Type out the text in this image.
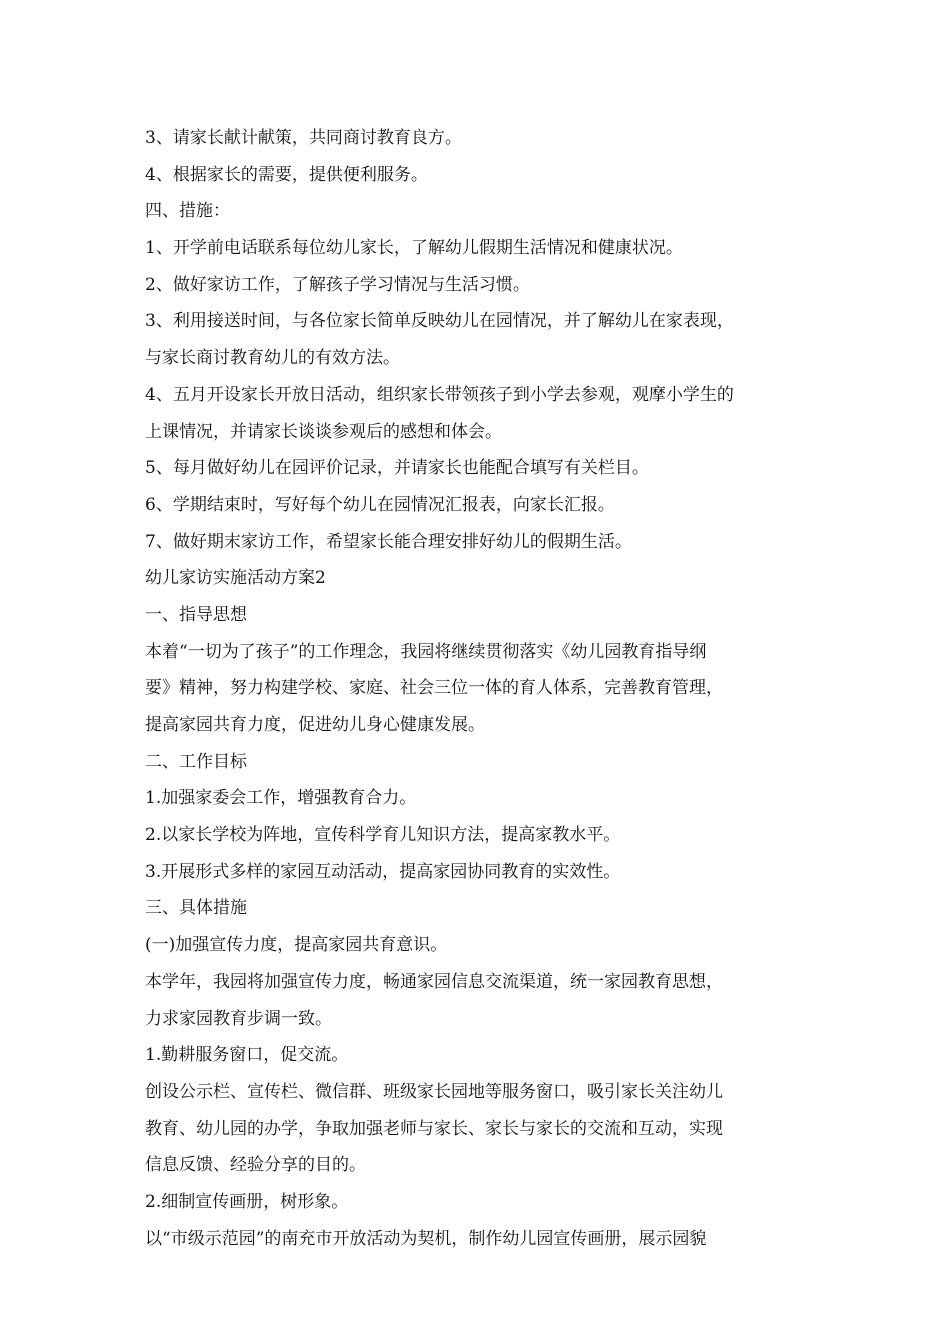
3、请家长献计献策，共同商讨教育良方。

4、根据家长的需要，提供便利服务。

四、措施：

1、开学前电话联系每位幼儿家长，了解幼儿假期生活情况和健康状况。

2、做好家访工作，了解孩子学习情况与生活习惯。

3、利用接送时间，与各位家长简单反映幼儿在园情况，并了解幼儿在家表现，

与家长商讨教育幼儿的有效方法。

4、五月开设家长开放日活动，组织家长带领孩子到小学去参观，观摩小学生的

上课情况，并请家长谈谈参观后的感想和体会。

5、每月做好幼儿在园评价记录，并请家长也能配合填写有关栏目。

6、学期结束时，写好每个幼儿在园情况汇报表，向家长汇报。

7、做好期末家访工作，希望家长能合理安排好幼儿的假期生活。

幼儿家访实施活动方案2

一、指导思想

本着“一切为了孩子”的工作理念，我园将继续贯彻落实《幼儿园教育指导纲

要》精神，努力构建学校、家庭、社会三位一体的育人体系，完善教育管理，

提高家园共育力度，促进幼儿身心健康发展。

二、工作目标

1.加强家委会工作，增强教育合力。

2.以家长学校为阵地，宣传科学育儿知识方法，提高家教水平。

3.开展形式多样的家园互动活动，提高家园协同教育的实效性。

三、具体措施

(一)加强宣传力度，提高家园共育意识。

本学年，我园将加强宣传力度，畅通家园信息交流渠道，统一家园教育思想，

力求家园教育步调一致。

1.勤耕服务窗口，促交流。

创设公示栏、宣传栏、微信群、班级家长园地等服务窗口，吸引家长关注幼儿

教育、幼儿园的办学，争取加强老师与家长、家长与家长的交流和互动，实现

信息反馈、经验分享的目的。

2.细制宣传画册，树形象。

以“市级示范园”的南充市开放活动为契机，制作幼儿园宣传画册，展示园貌
